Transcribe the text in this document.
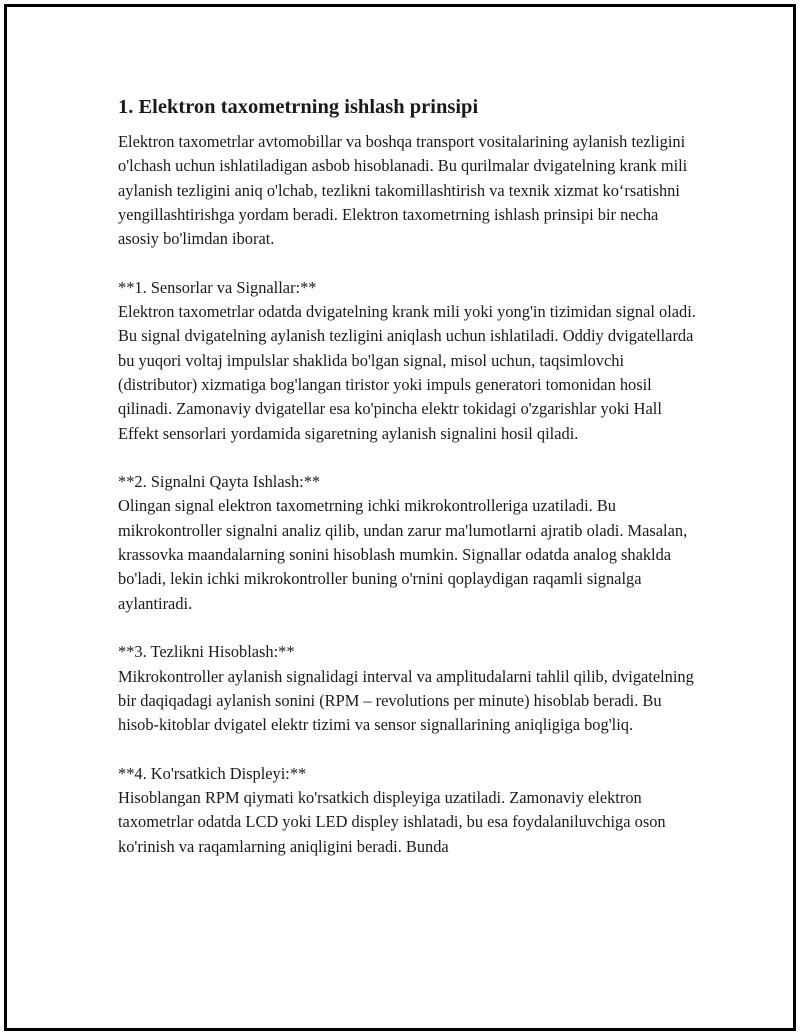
1. Elektron taxometrning ishlash prinsipi

Elektron taxometrlar avtomobillar va boshqa transport vositalarining aylanish tezligini o'lchash uchun ishlatiladigan asbob hisoblanadi. Bu qurilmalar dvigatelning krank mili aylanish tezligini aniq o'lchab, tezlikni takomillashtirish va texnik xizmat koʻrsatishni yengillashtirishga yordam beradi. Elektron taxometrning ishlash prinsipi bir necha asosiy bo'limdan iborat.

**1. Sensorlar va Signallar:**
Elektron taxometrlar odatda dvigatelning krank mili yoki yong'in tizimidan signal oladi. Bu signal dvigatelning aylanish tezligini aniqlash uchun ishlatiladi. Oddiy dvigatellarda bu yuqori voltaj impulslar shaklida bo'lgan signal, misol uchun, taqsimlovchi (distributor) xizmatiga bog'langan tiristor yoki impuls generatori tomonidan hosil qilinadi. Zamonaviy dvigatellar esa ko'pincha elektr tokidagi o'zgarishlar yoki Hall Effekt sensorlari yordamida sigaretning aylanish signalini hosil qiladi.

**2. Signalni Qayta Ishlash:**
Olingan signal elektron taxometrning ichki mikrokontrolleriga uzatiladi. Bu mikrokontroller signalni analiz qilib, undan zarur ma'lumotlarni ajratib oladi. Masalan, krassovka maandalarning sonini hisoblash mumkin. Signallar odatda analog shaklda bo'ladi, lekin ichki mikrokontroller buning o'rnini qoplaydigan raqamli signalga aylantiradi.

**3. Tezlikni Hisoblash:**
Mikrokontroller aylanish signalidagi interval va amplitudalarni tahlil qilib, dvigatelning bir daqiqadagi aylanish sonini (RPM – revolutions per minute) hisoblab beradi. Bu hisob-kitoblar dvigatel elektr tizimi va sensor signallarining aniqligiga bog'liq.

**4. Ko'rsatkich Displeyi:**
Hisoblangan RPM qiymati ko'rsatkich displeyiga uzatiladi. Zamonaviy elektron taxometrlar odatda LCD yoki LED displey ishlatadi, bu esa foydalaniluvchiga oson ko'rinish va raqamlarning aniqligini beradi. Bunda
